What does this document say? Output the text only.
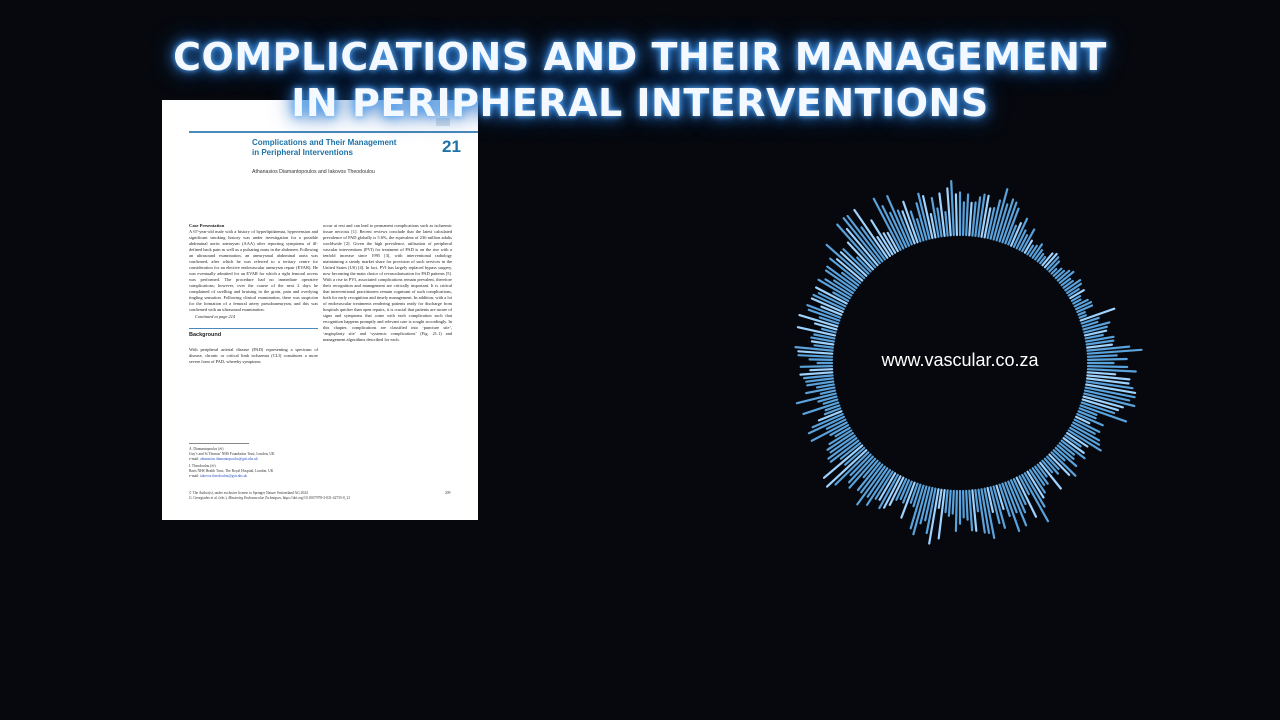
COMPLICATIONS AND THEIR MANAGEMENT
IN PERIPHERAL INTERVENTIONS
Complications and Their Management
in Peripheral Interventions	21
Athanasios Diamantopoulos and Iakovos Theodoulou
Case Presentation
A 67-year-old male with a history of hyperlipidaemia, hypertension and significant smoking history was under investigation for a possible abdominal aortic aneurysm (AAA) after reporting symptoms of ill-defined back pain as well as a pulsating mass in the abdomen. Following an ultrasound examination, an aneurysmal abdominal aorta was confirmed, after which he was referred to a tertiary centre for consideration for an elective endovascular aneurysm repair (EVAR). He was eventually admitted for an EVAR for which a right femoral access was performed. The procedure had no immediate operative complications; however, over the course of the next 2 days he complained of swelling and bruising in the groin, pain and overlying tingling sensation. Following clinical examination, there was suspicion for the formation of a femoral artery pseudoaneurysm, and this was confirmed with an ultrasound examination.
Continued at page 214
Background
With peripheral arterial disease (PAD) representing a spectrum of disease, chronic or critical limb ischaemia (CLI) constitutes a more severe form of PAD, whereby symptoms
occur at rest and can lead to permanent complications such as ischaemic tissue necrosis [1]. Recent reviews conclude that the latest calculated prevalence of PAD globally is 5.6%, the equivalent of 236 million adults worldwide [2]. Given the high prevalence, utilisation of peripheral vascular interventions (PVI) for treatment of PAD is on the rise with a tenfold increase since 1995 [3], with interventional radiology maintaining a steady market share for provision of such services in the United States (US) [4]. In fact, PVI has largely replaced bypass surgery, now becoming the main choice of revascularisation for PAD patients [5]. With a rise in PVI, associated complications remain prevalent, therefore their recognition and management are critically important. It is critical that interventional practitioners remain cognisant of such complications, both for early recognition and timely management. In addition, with a lot of endovascular treatments rendering patients ready for discharge from hospitals quicker than open repairs, it is crucial that patients are aware of signs and symptoms that come with each complication such that recognition happens promptly and relevant care is sought accordingly. In this chapter, complications are classified into ‘puncture site’, ‘angioplasty site’ and ‘systemic complications’ (Fig. 21.1) and management algorithms described for each.
A. Diamantopoulos (✉)
Guy’s and St Thomas’ NHS Foundation Trust, London, UK
e-mail: athanasios.diamantopoulos@gstt.nhs.uk
I. Theodoulou (✉)
Barts NHS Health Trust, The Royal Hospital, London, UK
e-mail: iakovos.theodoulou@gstt.nhs.uk
© The Author(s), under exclusive license to Springer Nature Switzerland AG 2024
G. Georgiades et al. (eds.), Mastering Endovascular Techniques, https://doi.org/10.1007/978-3-031-42735-0_21
209
www.vascular.co.za
